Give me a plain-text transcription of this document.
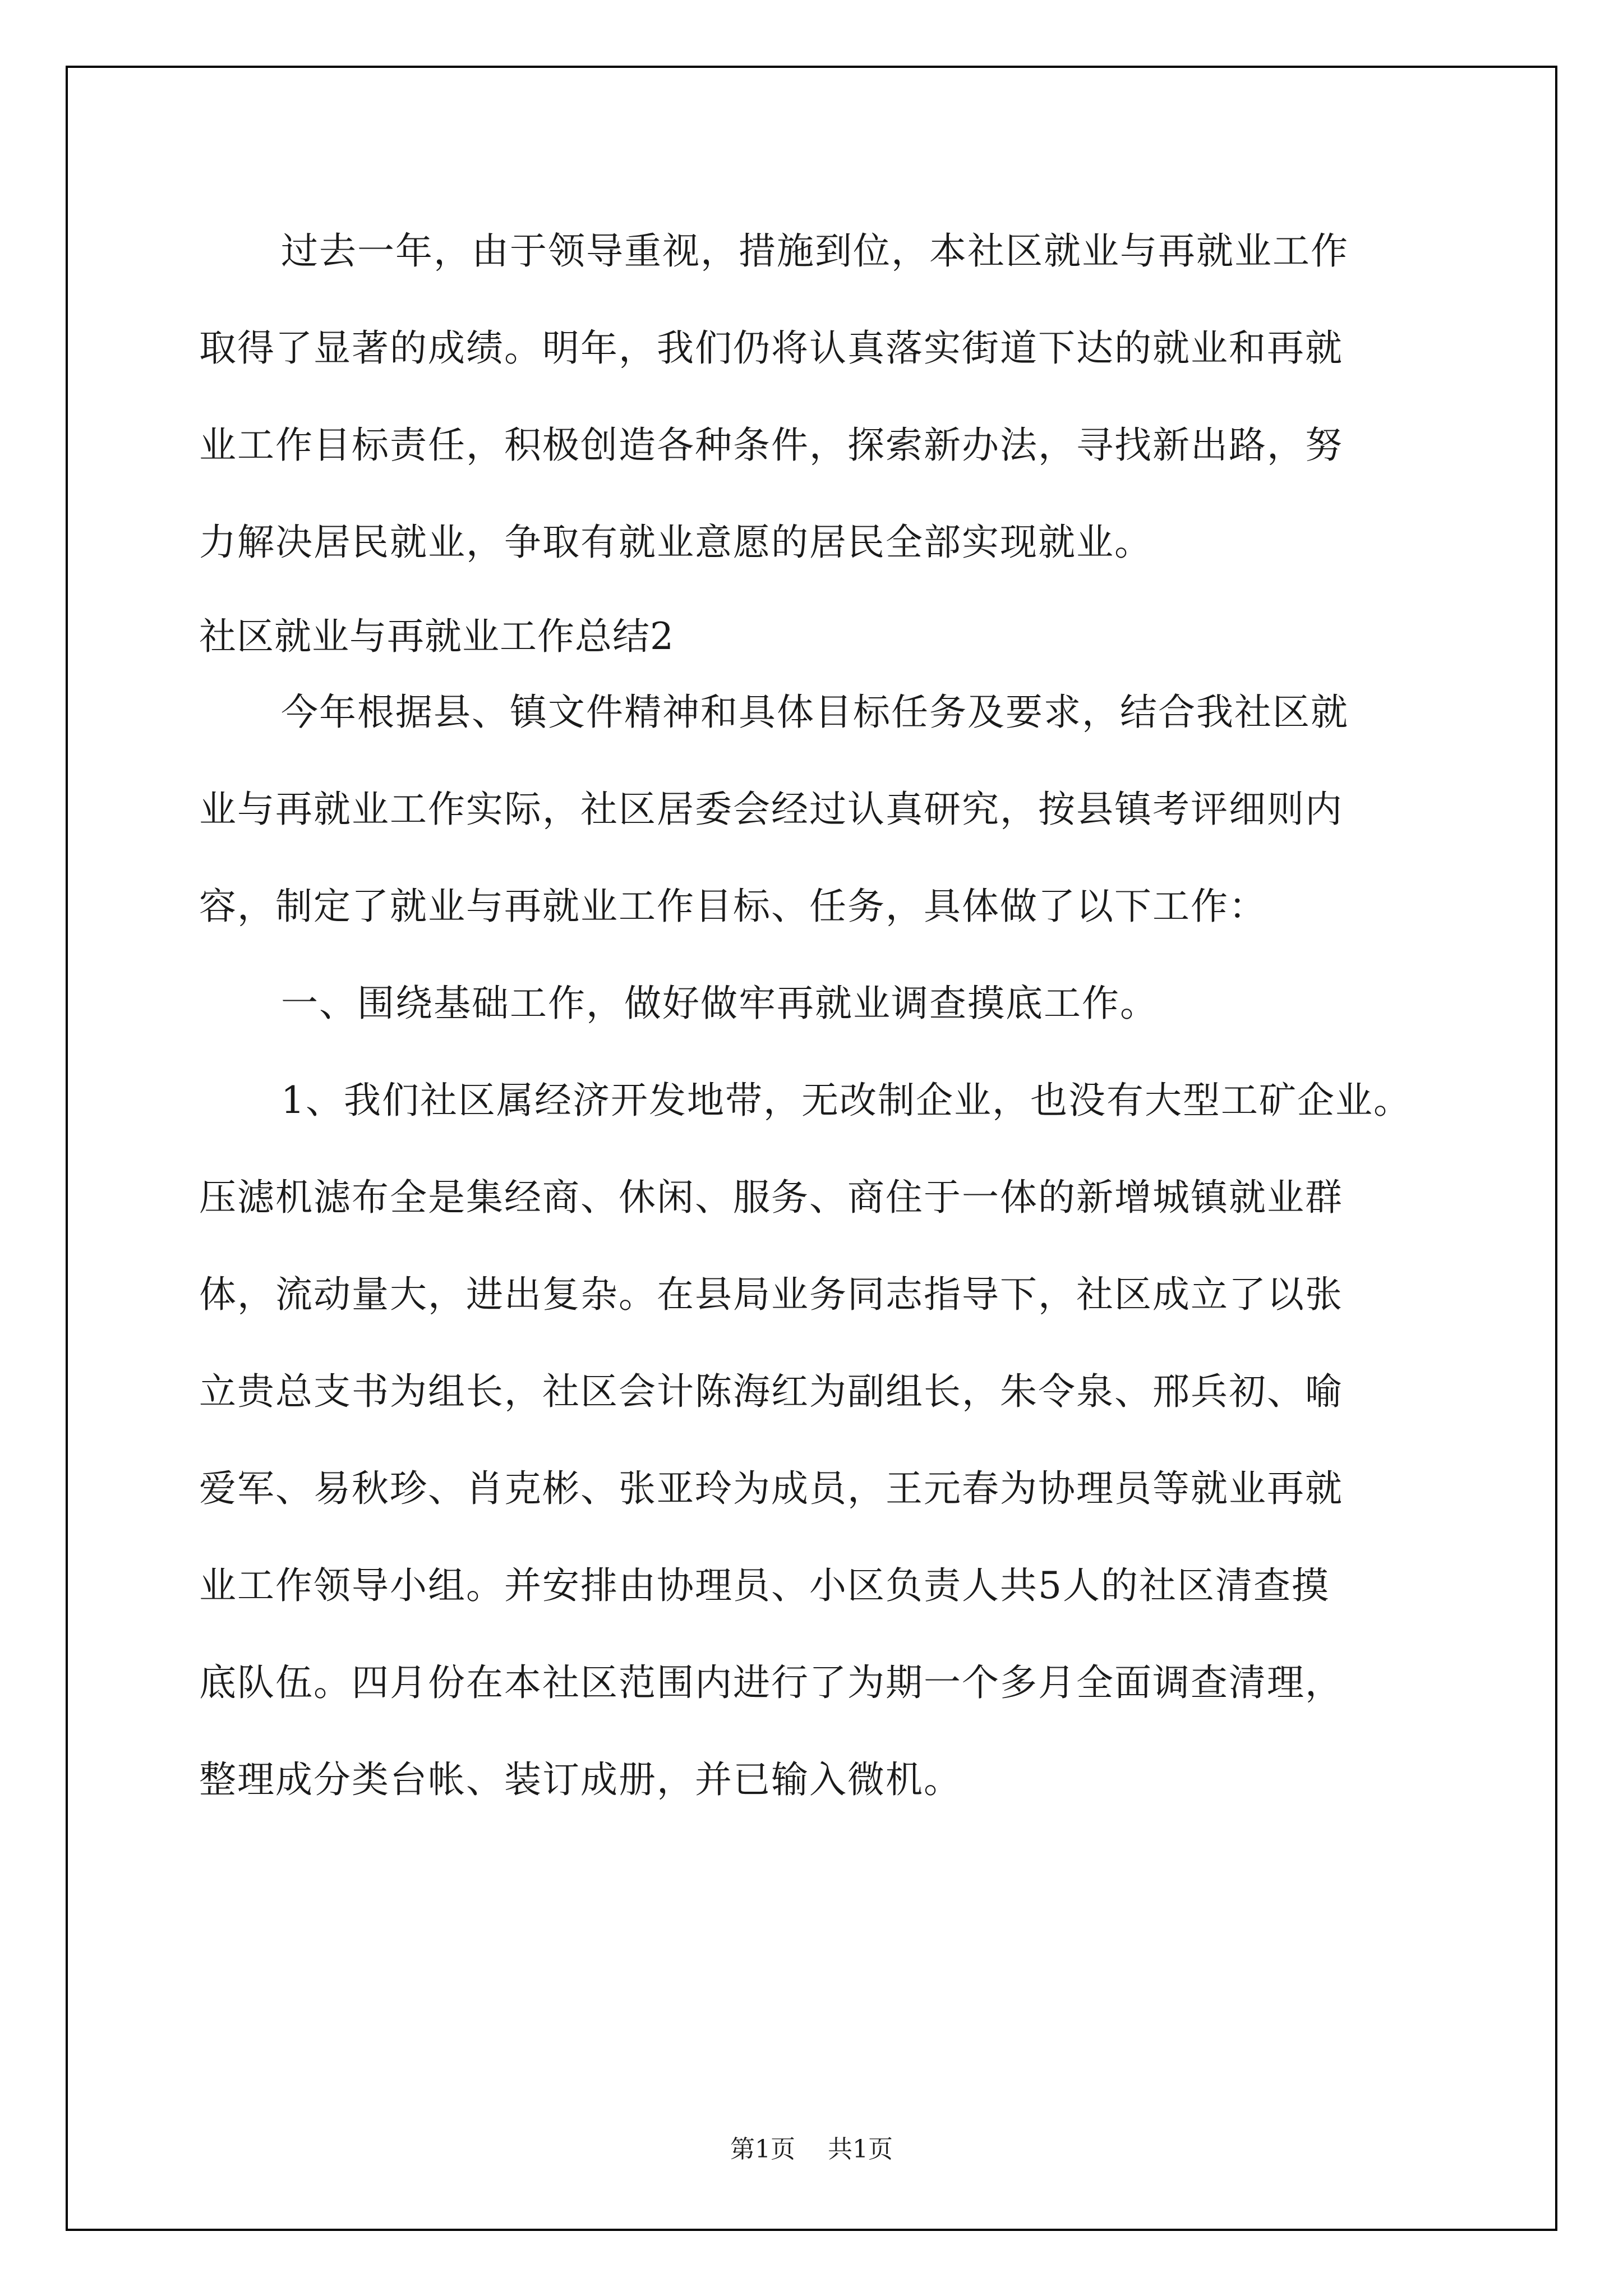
过去一年，由于领导重视，措施到位，本社区就业与再就业工作
取得了显著的成绩。明年，我们仍将认真落实街道下达的就业和再就
业工作目标责任，积极创造各种条件，探索新办法，寻找新出路，努
力解决居民就业，争取有就业意愿的居民全部实现就业。
社区就业与再就业工作总结2
今年根据县、镇文件精神和具体目标任务及要求，结合我社区就
业与再就业工作实际，社区居委会经过认真研究，按县镇考评细则内
容，制定了就业与再就业工作目标、任务，具体做了以下工作：
一、围绕基础工作，做好做牢再就业调查摸底工作。
1、我们社区属经济开发地带，无改制企业，也没有大型工矿企业。
压滤机滤布全是集经商、休闲、服务、商住于一体的新增城镇就业群
体，流动量大，进出复杂。在县局业务同志指导下，社区成立了以张
立贵总支书为组长，社区会计陈海红为副组长，朱令泉、邢兵初、喻
爱军、易秋珍、肖克彬、张亚玲为成员，王元春为协理员等就业再就
业工作领导小组。并安排由协理员、小区负责人共5人的社区清查摸
底队伍。四月份在本社区范围内进行了为期一个多月全面调查清理，
整理成分类台帐、装订成册，并已输入微机。
第1页 共1页
